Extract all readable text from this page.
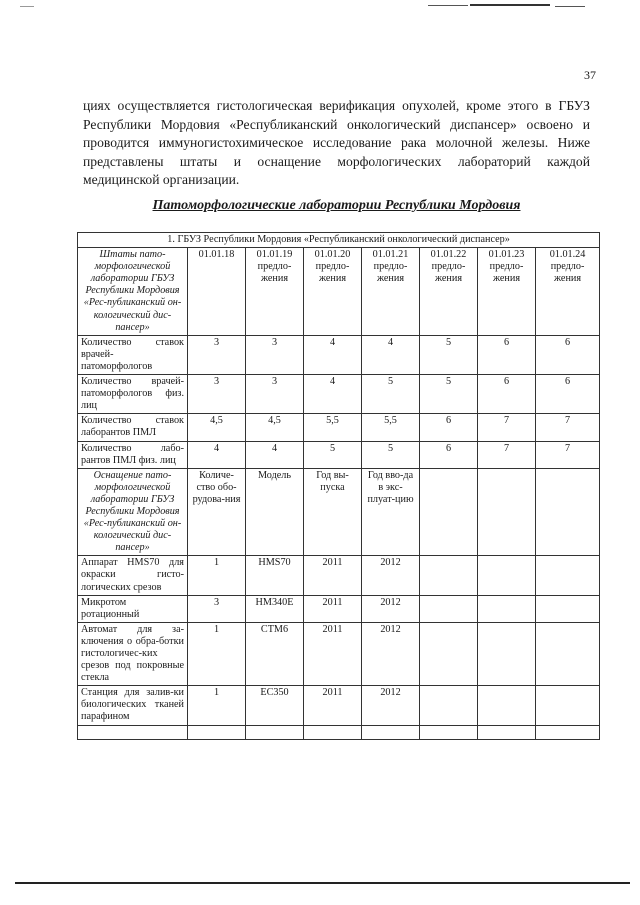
37
циях осуществляется гистологическая верификация опухолей, кроме этого в ГБУЗ Республики Мордовия «Республиканский онкологический диспансер» освоено и проводится иммуногистохимическое исследование рака молочной железы. Ниже представлены штаты и оснащение морфологических лабораторий каждой медицинской организации.
Патоморфологические лаборатории Республики Мордовия
1. ГБУЗ Республики Мордовия «Республиканский онкологический диспансер»							
Штаты пато-морфологической лаборатории ГБУЗ Республики Мордовия «Рес-публиканский он-кологический дис-пансер»	01.01.18	01.01.19 предло-жения	01.01.20 предло-жения	01.01.21 предло-жения	01.01.22 предло-жения	01.01.23 предло-жения	01.01.24 предло-жения
Количество ставок врачей-патоморфологов	3	3	4	4	5	6	6
Количество врачей-патоморфологов физ. лиц	3	3	4	5	5	6	6
Количество ставок лаборантов ПМЛ	4,5	4,5	5,5	5,5	6	7	7
Количество лабо-рантов ПМЛ физ. лиц	4	4	5	5	6	7	7
Оснащение пато-морфологической лаборатории ГБУЗ Республики Мордовия «Рес-публиканский он-кологический дис-пансер»	Количе-ство обо-рудова-ния	Модель	Год вы-пуска	Год вво-да в экс-плуат-цию			
Аппарат HMS70 для окраски гисто-логических срезов	1	HMS70	2011	2012			
Микротом ротационный	3	HM340E	2011	2012			
Автомат для за-ключения о обра-ботки гистологичес-ких срезов под покровные стекла	1	CTM6	2011	2012			
Станция для залив-ки биологических тканей парафином	1	EC350	2011	2012			
